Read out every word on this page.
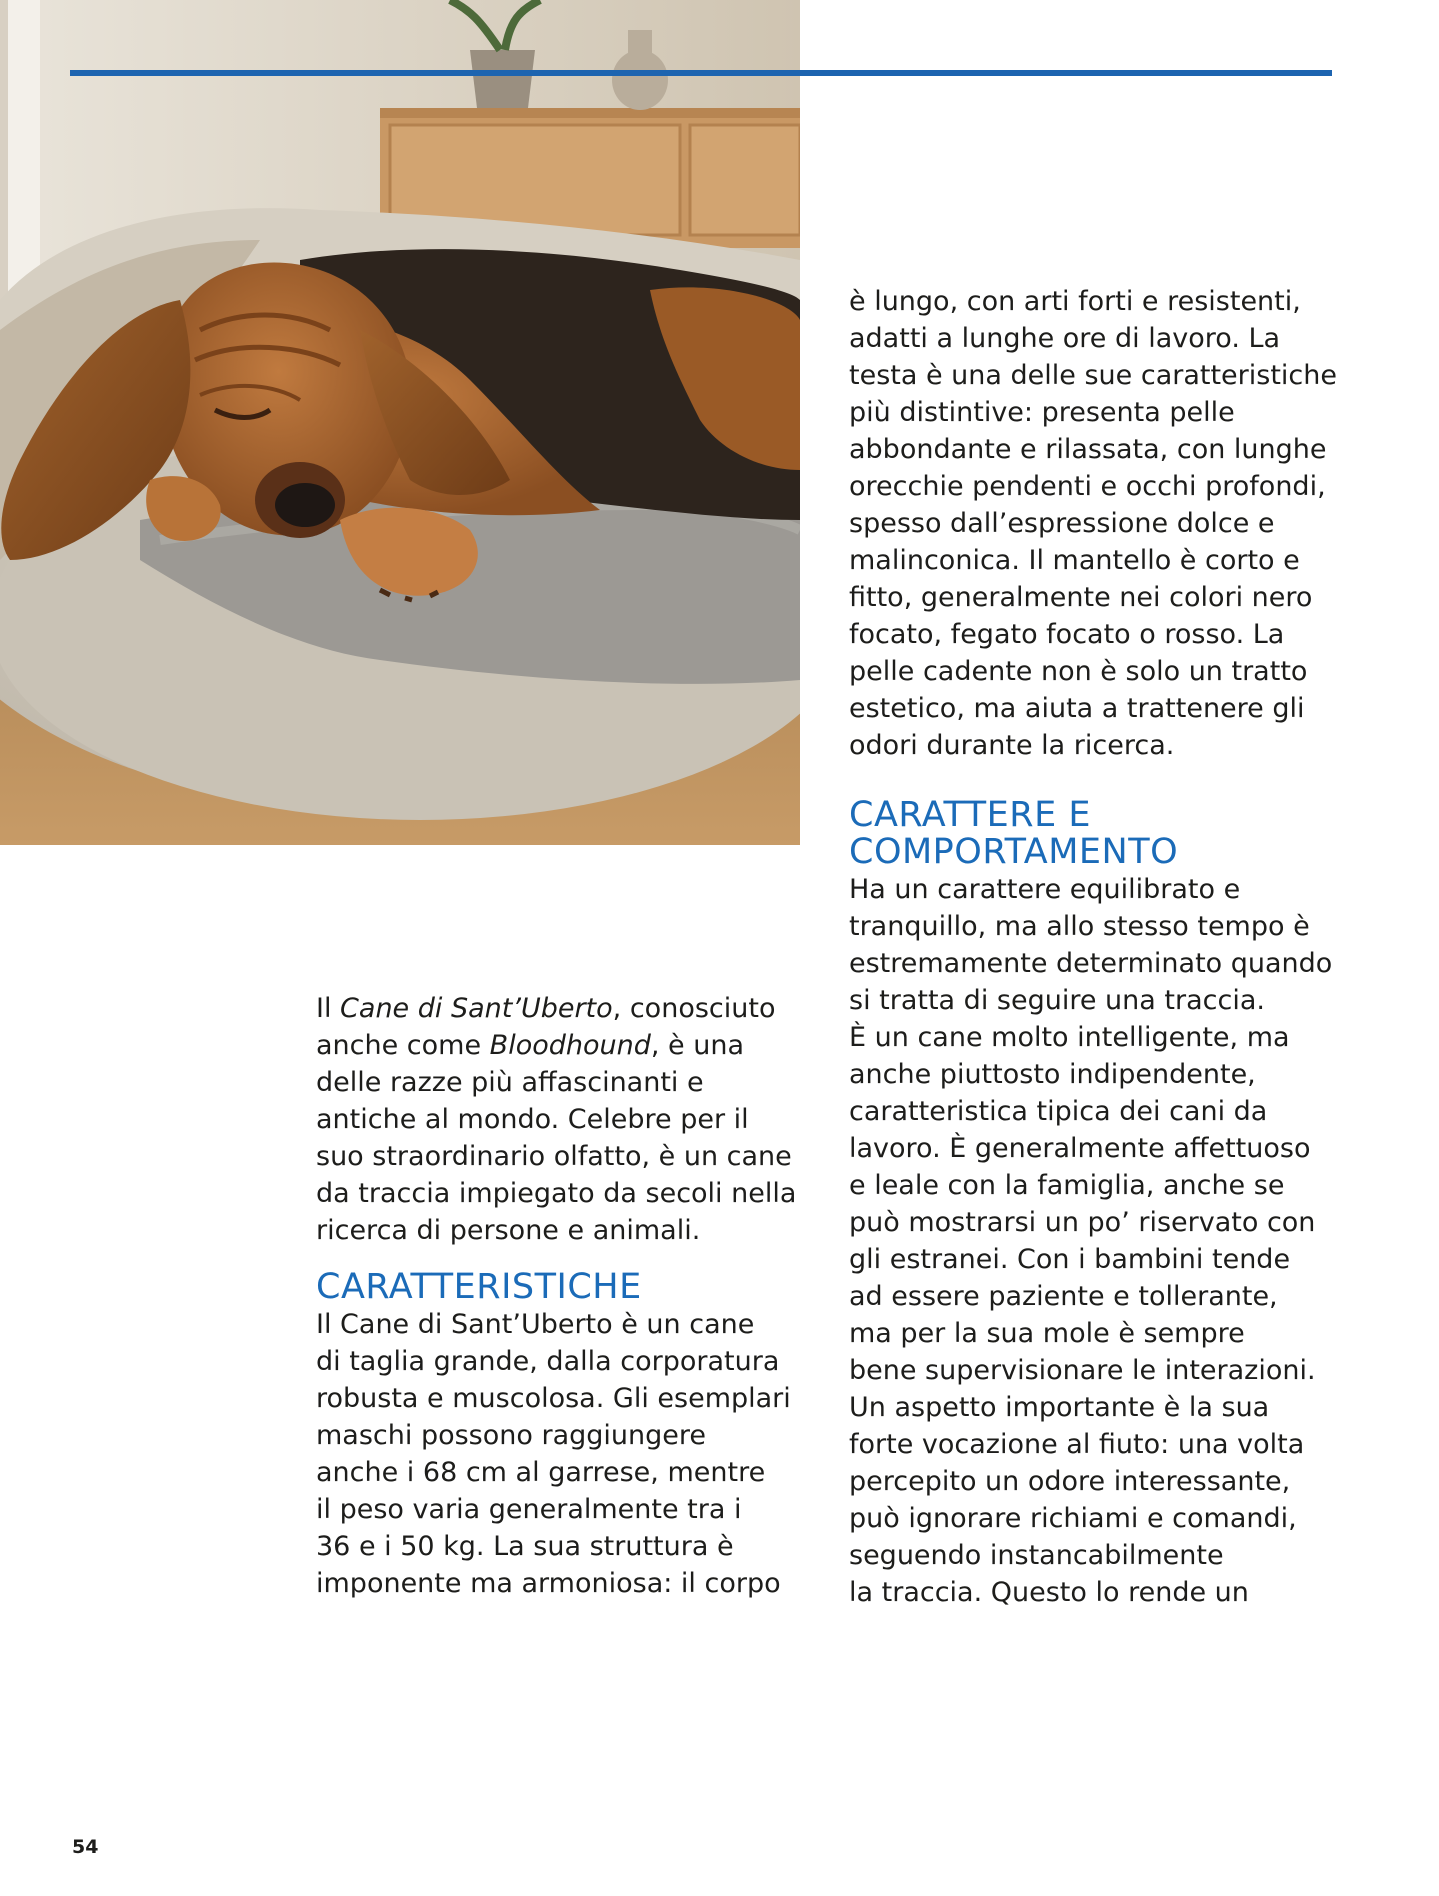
Il Cane di Sant’Uberto, conosciuto
anche come Bloodhound, è una
delle razze più affascinanti e
antiche al mondo. Celebre per il
suo straordinario olfatto, è un cane
da traccia impiegato da secoli nella
ricerca di persone e animali.
CARATTERISTICHE
Il Cane di Sant’Uberto è un cane
di taglia grande, dalla corporatura
robusta e muscolosa. Gli esemplari
maschi possono raggiungere
anche i 68 cm al garrese, mentre
il peso varia generalmente tra i
36 e i 50 kg. La sua struttura è
imponente ma armoniosa: il corpo
è lungo, con arti forti e resistenti,
adatti a lunghe ore di lavoro. La
testa è una delle sue caratteristiche
più distintive: presenta pelle
abbondante e rilassata, con lunghe
orecchie pendenti e occhi profondi,
spesso dall’espressione dolce e
malinconica. Il mantello è corto e
fitto, generalmente nei colori nero
focato, fegato focato o rosso. La
pelle cadente non è solo un tratto
estetico, ma aiuta a trattenere gli
odori durante la ricerca.
CARATTERE E
COMPORTAMENTO
Ha un carattere equilibrato e
tranquillo, ma allo stesso tempo è
estremamente determinato quando
si tratta di seguire una traccia.
È un cane molto intelligente, ma
anche piuttosto indipendente,
caratteristica tipica dei cani da
lavoro. È generalmente affettuoso
e leale con la famiglia, anche se
può mostrarsi un po’ riservato con
gli estranei. Con i bambini tende
ad essere paziente e tollerante,
ma per la sua mole è sempre
bene supervisionare le interazioni.
Un aspetto importante è la sua
forte vocazione al fiuto: una volta
percepito un odore interessante,
può ignorare richiami e comandi,
seguendo instancabilmente
la traccia. Questo lo rende un
54
